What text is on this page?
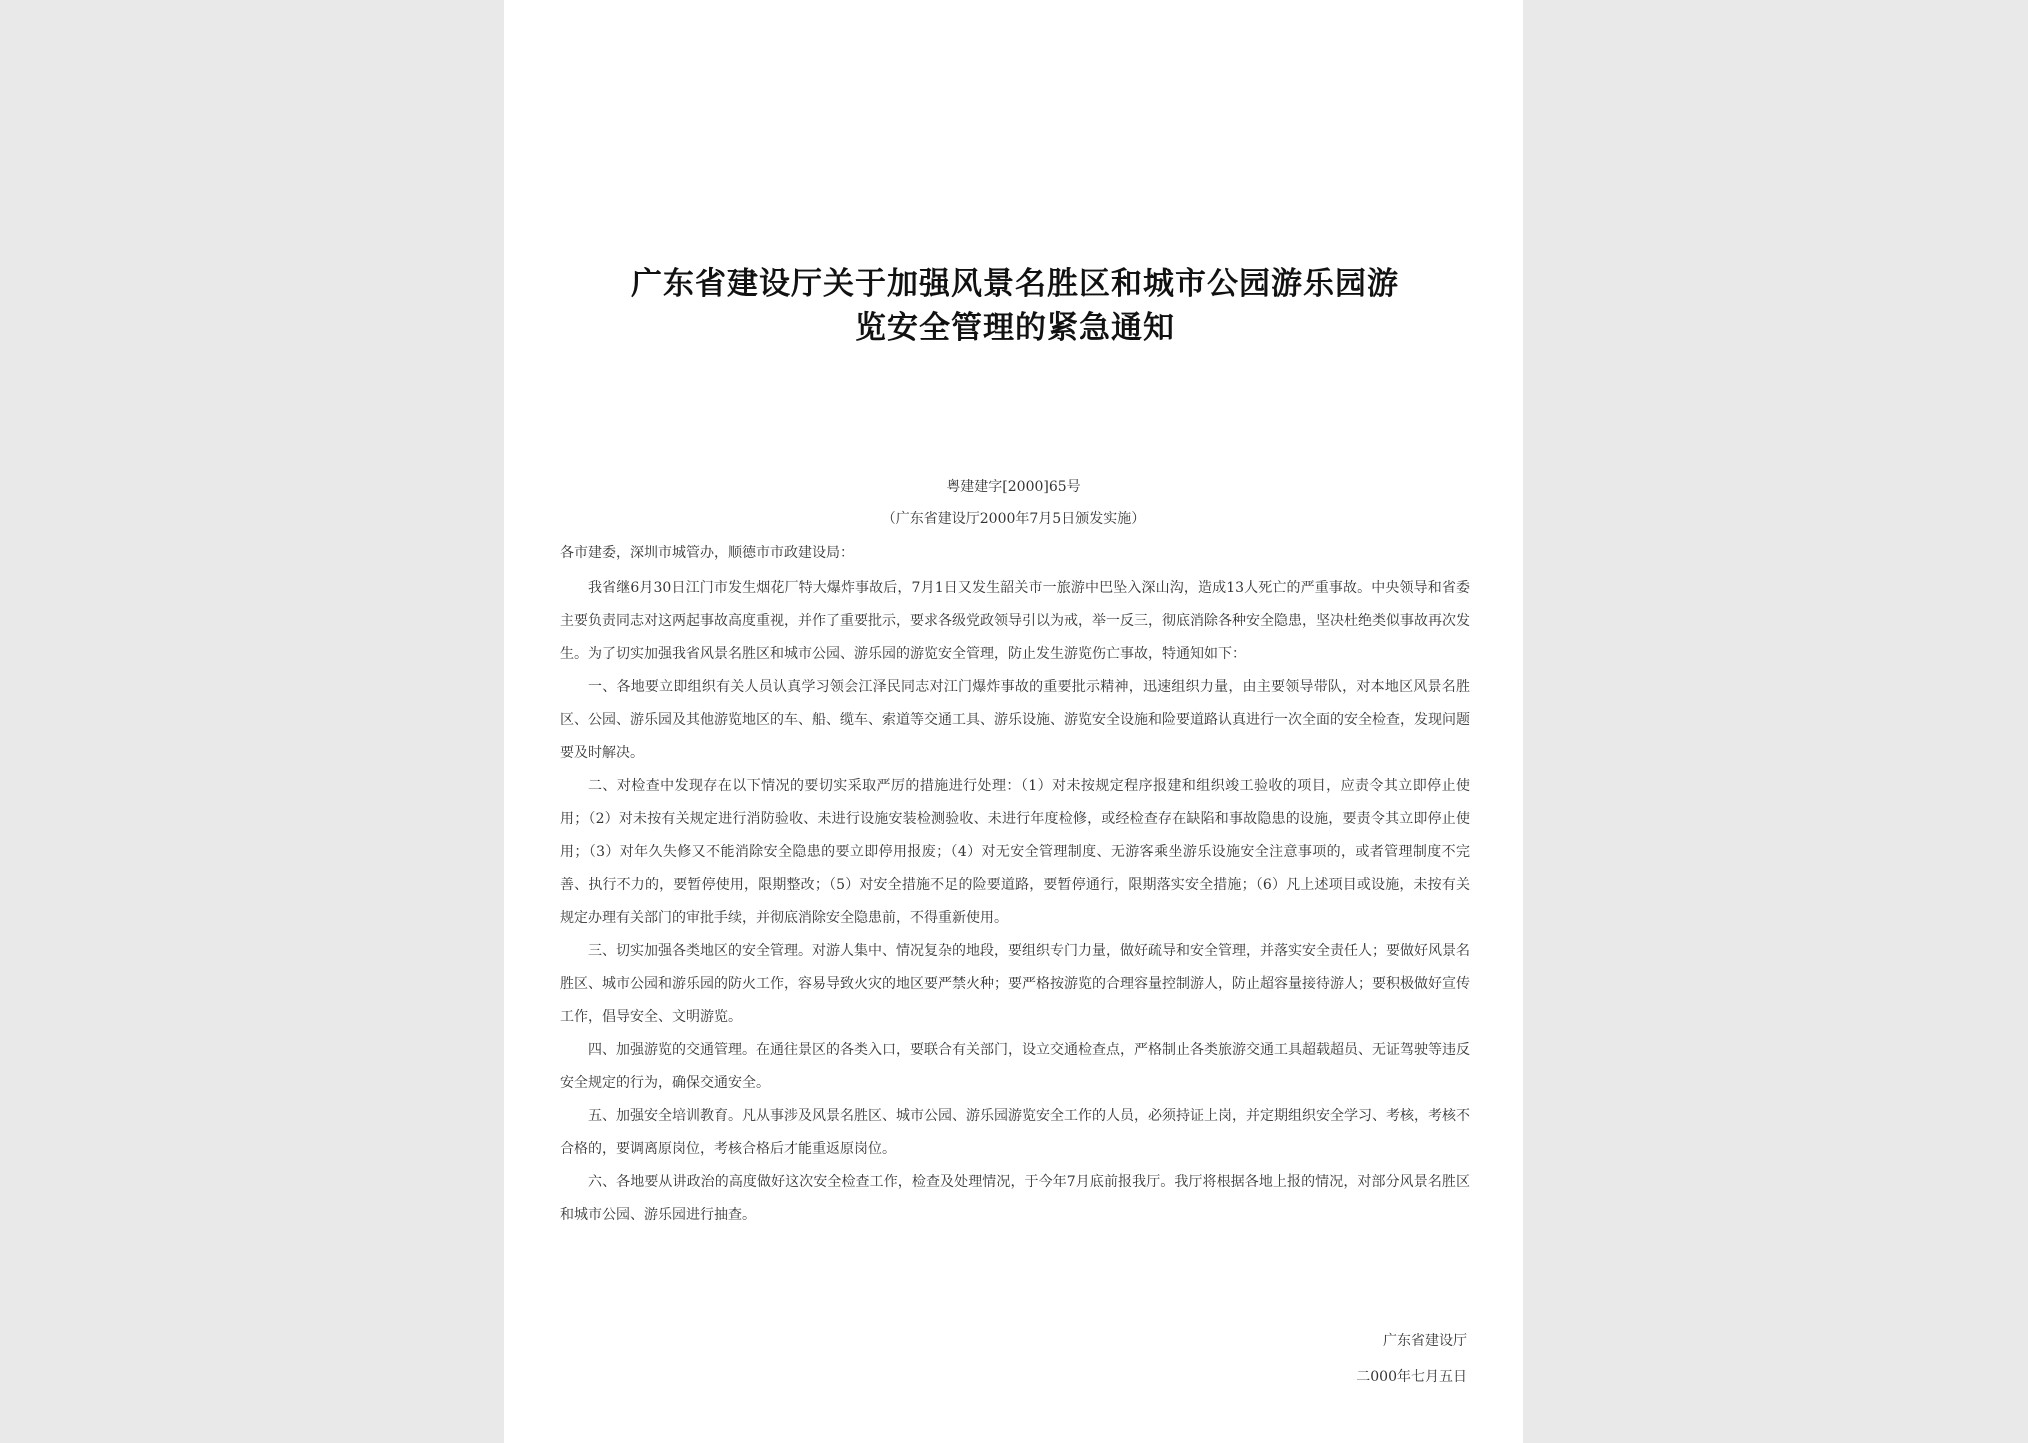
广东省建设厅关于加强风景名胜区和城市公园游乐园游
览安全管理的紧急通知
粤建建字[2000]65号
（广东省建设厅2000年7月5日颁发实施）
各市建委，深圳市城管办，顺德市市政建设局：

我省继6月30日江门市发生烟花厂特大爆炸事故后，7月1日又发生韶关市一旅游中巴坠入深山沟，造成13人死亡的严重事故。中央领导和省委主要负责同志对这两起事故高度重视，并作了重要批示，要求各级党政领导引以为戒，举一反三，彻底消除各种安全隐患，坚决杜绝类似事故再次发生。为了切实加强我省风景名胜区和城市公园、游乐园的游览安全管理，防止发生游览伤亡事故，特通知如下：

一、各地要立即组织有关人员认真学习领会江泽民同志对江门爆炸事故的重要批示精神，迅速组织力量，由主要领导带队，对本地区风景名胜区、公园、游乐园及其他游览地区的车、船、缆车、索道等交通工具、游乐设施、游览安全设施和险要道路认真进行一次全面的安全检查，发现问题要及时解决。

二、对检查中发现存在以下情况的要切实采取严厉的措施进行处理：（1）对未按规定程序报建和组织竣工验收的项目，应责令其立即停止使用；（2）对未按有关规定进行消防验收、未进行设施安装检测验收、未进行年度检修，或经检查存在缺陷和事故隐患的设施，要责令其立即停止使用；（3）对年久失修又不能消除安全隐患的要立即停用报废；（4）对无安全管理制度、无游客乘坐游乐设施安全注意事项的，或者管理制度不完善、执行不力的，要暂停使用，限期整改；（5）对安全措施不足的险要道路，要暂停通行，限期落实安全措施；（6）凡上述项目或设施，未按有关规定办理有关部门的审批手续，并彻底消除安全隐患前，不得重新使用。

三、切实加强各类地区的安全管理。对游人集中、情况复杂的地段，要组织专门力量，做好疏导和安全管理，并落实安全责任人；要做好风景名胜区、城市公园和游乐园的防火工作，容易导致火灾的地区要严禁火种；要严格按游览的合理容量控制游人，防止超容量接待游人；要积极做好宣传工作，倡导安全、文明游览。

四、加强游览的交通管理。在通往景区的各类入口，要联合有关部门，设立交通检查点，严格制止各类旅游交通工具超载超员、无证驾驶等违反安全规定的行为，确保交通安全。

五、加强安全培训教育。凡从事涉及风景名胜区、城市公园、游乐园游览安全工作的人员，必须持证上岗，并定期组织安全学习、考核，考核不合格的，要调离原岗位，考核合格后才能重返原岗位。

六、各地要从讲政治的高度做好这次安全检查工作，检查及处理情况，于今年7月底前报我厅。我厅将根据各地上报的情况，对部分风景名胜区和城市公园、游乐园进行抽查。

广东省建设厅
二000年七月五日
